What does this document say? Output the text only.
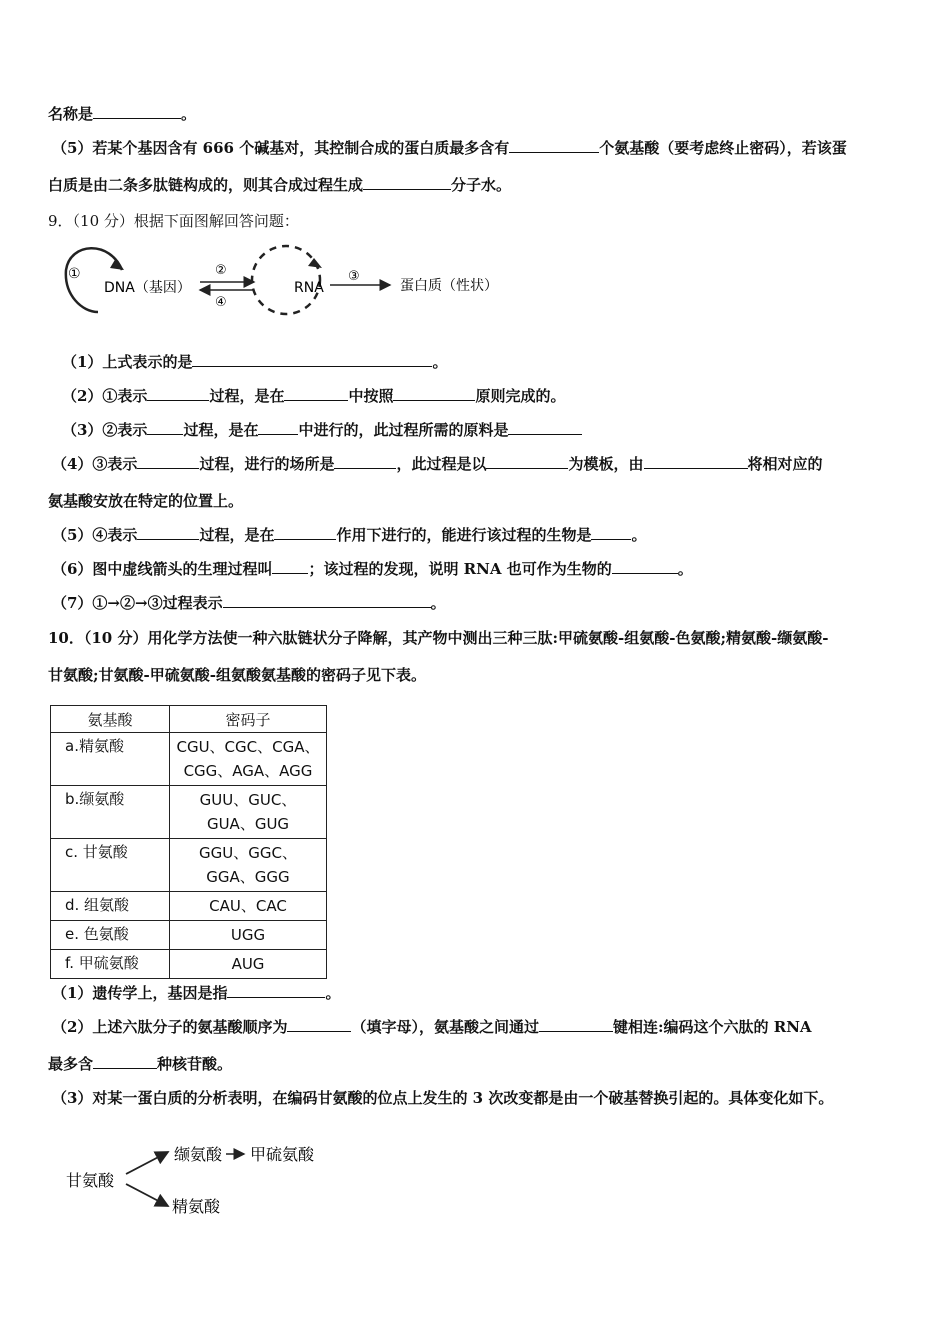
名称是	。
（5）若某个基因含有 666 个碱基对，其控制合成的蛋白质最多含有	个氨基酸（要考虑终止密码），若该蛋
白质是由二条多肽链构成的，则其合成过程生成	分子水。
9．（10 分）根据下面图解回答问题：
①
DNA（基因）
②
④
RNA
③
蛋白质（性状）
（1）上式表示的是	。
（2）①表示	过程，是在	中按照	原则完成的。
（3）②表示 过程，是在	中进行的，此过程所需的原料是
（4）③表示	过程，进行的场所是	，此过程是以	为模板，由	将相对应的
氨基酸安放在特定的位置上。
（5）④表示	过程，是在	作用下进行的，能进行该过程的生物是	。
（6）图中虚线箭头的生理过程叫 ；该过程的发现，说明 RNA 也可作为生物的	。
（7）①→②→③过程表示	。
10．（10 分）用化学方法使一种六肽链状分子降解，其产物中测出三种三肽:甲硫氨酸-组氨酸-色氨酸;精氨酸-缬氨酸-
甘氨酸;甘氨酸-甲硫氨酸-组氨酸氨基酸的密码子见下表。
氨基酸	密码子
a.精氨酸	CGU、CGC、CGA、
CGG、AGA、AGG

b.缬氨酸	GUU、GUC、
GUA、GUG

c. 甘氨酸	GGU、GGC、
GGA、GGG

d. 组氨酸	CAU、CAC
e. 色氨酸	UGG
f. 甲硫氨酸	AUG
（1）遗传学上，基因是指	。
（2）上述六肽分子的氨基酸顺序为	（填字母），氨基酸之间通过	键相连:编码这个六肽的 RNA
最多含	种核苷酸。
（3）对某一蛋白质的分析表明，在编码甘氨酸的位点上发生的 3 次改变都是由一个破基替换引起的。具体变化如下。
甘氨酸
缬氨酸 甲硫氨酸
精氨酸
